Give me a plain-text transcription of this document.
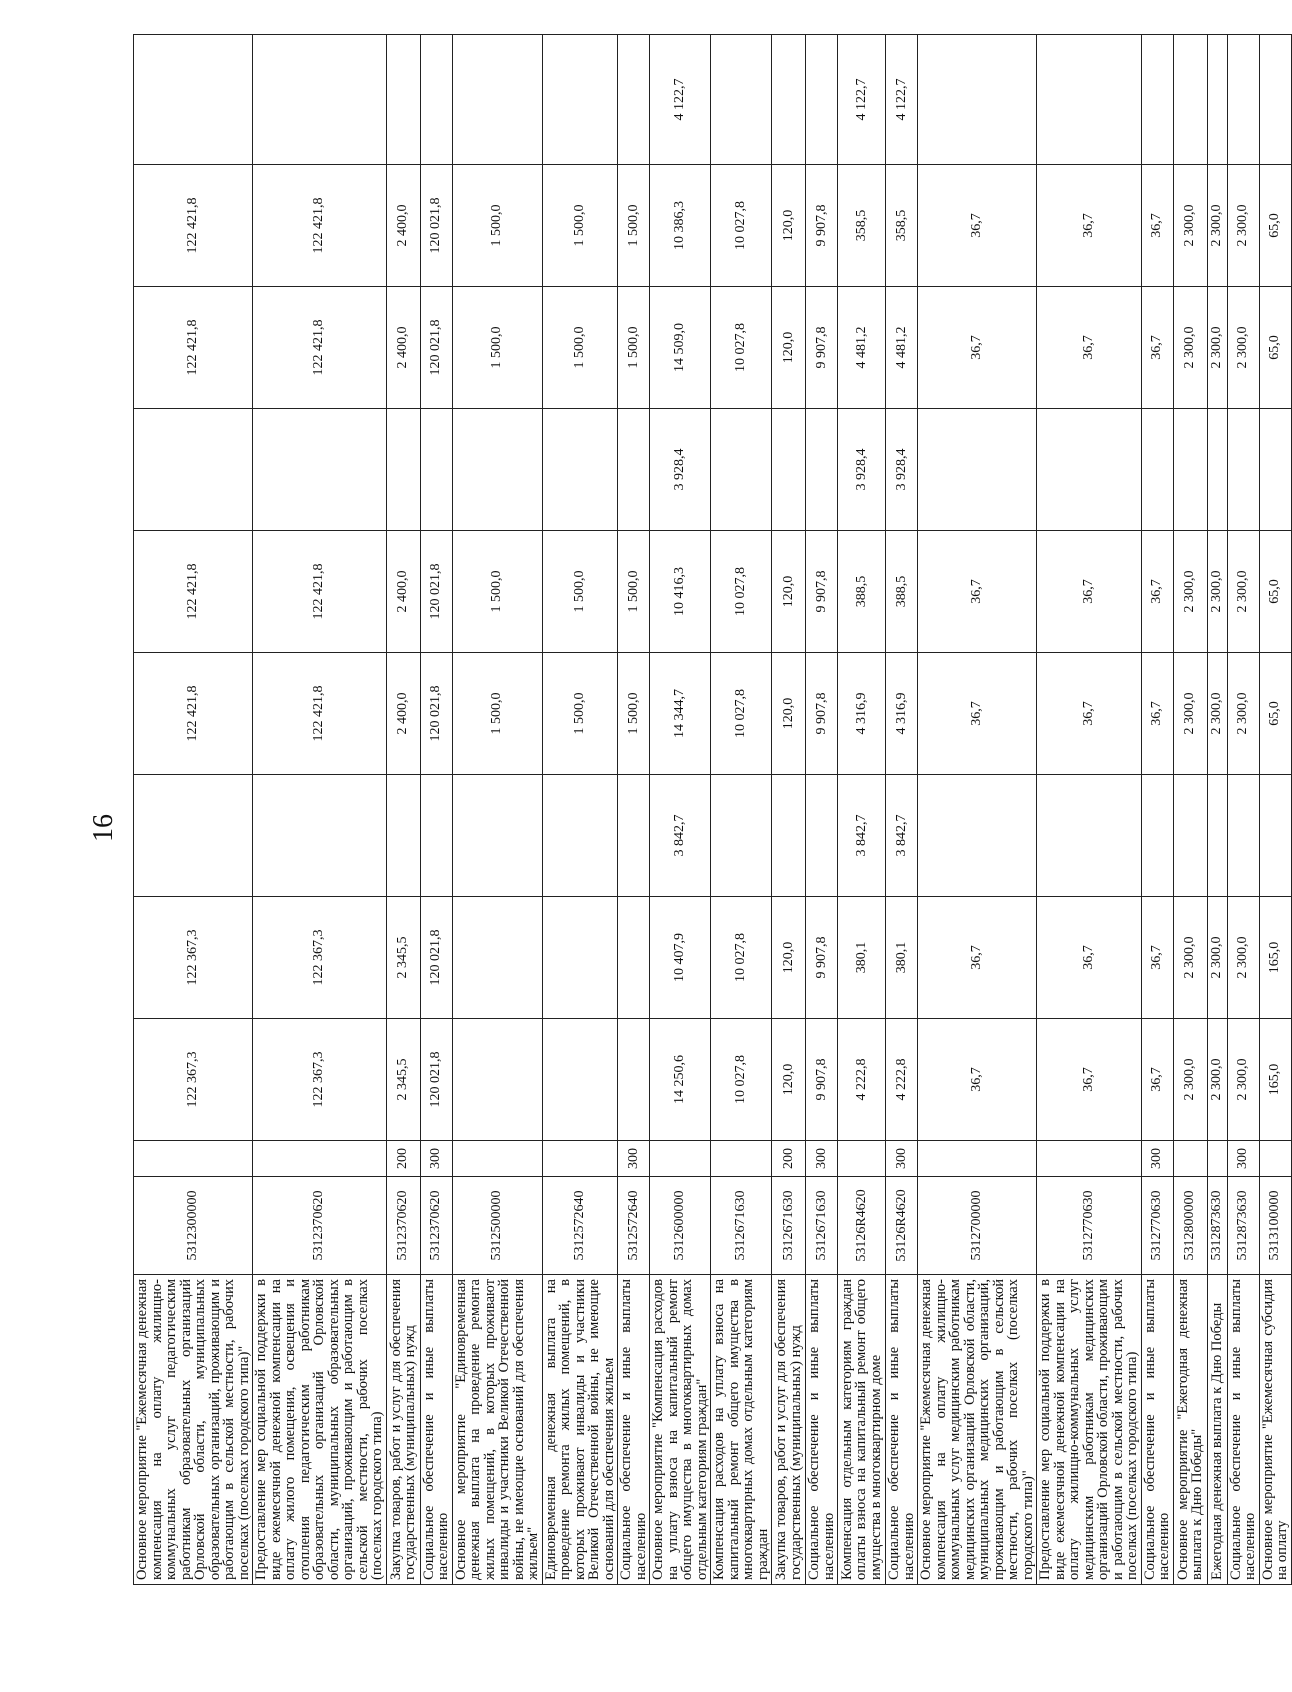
16
Основное мероприятие "Ежемесячная денежная компенсация на оплату жилищно-коммунальных услуг педагогическим работникам образовательных организаций Орловской области, муниципальных образовательных организаций, проживающим и работающим в сельской местности, рабочих поселках (поселках городского типа)"	5312300000		122 367,3	122 367,3		122 421,8	122 421,8		122 421,8	122 421,8	
Предоставление мер социальной поддержки в виде ежемесячной денежной компенсации на оплату жилого помещения, освещения и отопления педагогическим работникам образовательных организаций Орловской области, муниципальных образовательных организаций, проживающим и работающим в сельской местности, рабочих поселках (поселках городского типа)	5312370620		122 367,3	122 367,3		122 421,8	122 421,8		122 421,8	122 421,8	
Закупка товаров, работ и услуг для обеспечения государственных (муниципальных) нужд	5312370620	200	2 345,5	2 345,5		2 400,0	2 400,0		2 400,0	2 400,0	
Социальное обеспечение и иные выплаты населению	5312370620	300	120 021,8	120 021,8		120 021,8	120 021,8		120 021,8	120 021,8	
Основное мероприятие "Единовременная денежная выплата на проведение ремонта жилых помещений, в которых проживают инвалиды и участники Великой Отечественной войны, не имеющие оснований для обеспечения жильем"	5312500000					1 500,0	1 500,0		1 500,0	1 500,0	
Единовременная денежная выплата на проведение ремонта жилых помещений, в которых проживают инвалиды и участники Великой Отечественной войны, не имеющие оснований для обеспечения жильем	5312572640					1 500,0	1 500,0		1 500,0	1 500,0	
Социальное обеспечение и иные выплаты населению	5312572640	300				1 500,0	1 500,0		1 500,0	1 500,0	
Основное мероприятие "Компенсация расходов на уплату взноса на капитальный ремонт общего имущества в многоквартирных домах отдельным категориям граждан"	5312600000		14 250,6	10 407,9	3 842,7	14 344,7	10 416,3	3 928,4	14 509,0	10 386,3	4 122,7
Компенсация расходов на уплату взноса на капитальный ремонт общего имущества в многоквартирных домах отдельным категориям граждан	5312671630		10 027,8	10 027,8		10 027,8	10 027,8		10 027,8	10 027,8	
Закупка товаров, работ и услуг для обеспечения государственных (муниципальных) нужд	5312671630	200	120,0	120,0		120,0	120,0		120,0	120,0	
Социальное обеспечение и иные выплаты населению	5312671630	300	9 907,8	9 907,8		9 907,8	9 907,8		9 907,8	9 907,8	
Компенсация отдельным категориям граждан оплаты взноса на капитальный ремонт общего имущества в многоквартирном доме	53126R4620		4 222,8	380,1	3 842,7	4 316,9	388,5	3 928,4	4 481,2	358,5	4 122,7
Социальное обеспечение и иные выплаты населению	53126R4620	300	4 222,8	380,1	3 842,7	4 316,9	388,5	3 928,4	4 481,2	358,5	4 122,7
Основное мероприятие "Ежемесячная денежная компенсация на оплату жилищно-коммунальных услуг медицинским работникам медицинских организаций Орловской области, муниципальных медицинских организаций, проживающим и работающим в сельской местности, рабочих поселках (поселках городского типа)"	5312700000		36,7	36,7		36,7	36,7		36,7	36,7	
Предоставление мер социальной поддержки в виде ежемесячной денежной компенсации на оплату жилищно-коммунальных услуг медицинским работникам медицинских организаций Орловской области, проживающим и работающим в сельской местности, рабочих поселках (поселках городского типа)	5312770630		36,7	36,7		36,7	36,7		36,7	36,7	
Социальное обеспечение и иные выплаты населению	5312770630	300	36,7	36,7		36,7	36,7		36,7	36,7	
Основное мероприятие "Ежегодная денежная выплата к Дню Победы"	5312800000		2 300,0	2 300,0		2 300,0	2 300,0		2 300,0	2 300,0	
Ежегодная денежная выплата к Дню Победы	5312873630		2 300,0	2 300,0		2 300,0	2 300,0		2 300,0	2 300,0	
Социальное обеспечение и иные выплаты населению	5312873630	300	2 300,0	2 300,0		2 300,0	2 300,0		2 300,0	2 300,0	
Основное мероприятие "Ежемесячная субсидия на оплату	5313100000		165,0	165,0		65,0	65,0		65,0	65,0	
